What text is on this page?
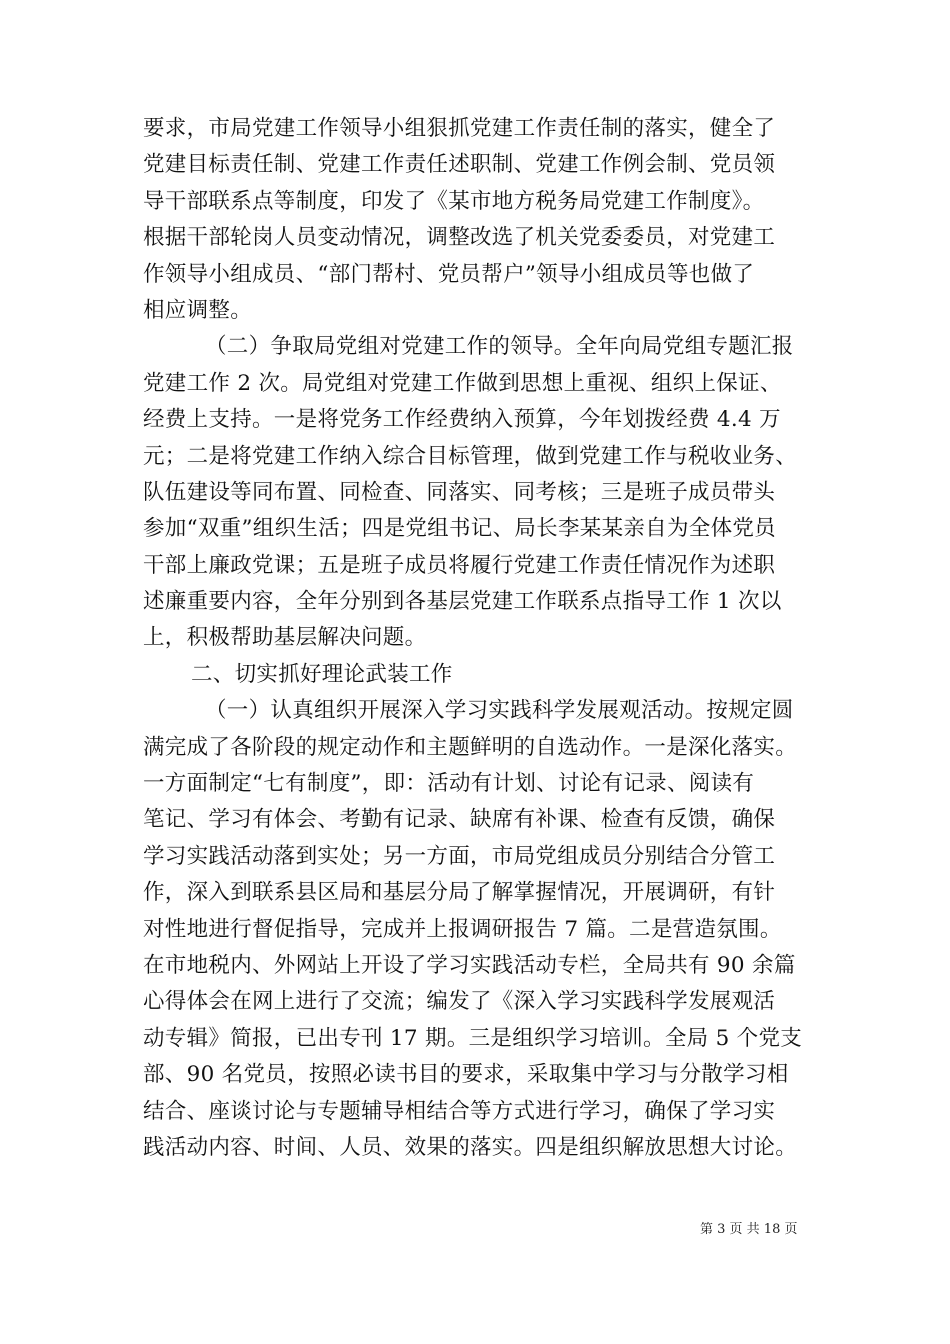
要求，市局党建工作领导小组狠抓党建工作责任制的落实，健全了
党建目标责任制、党建工作责任述职制、党建工作例会制、党员领
导干部联系点等制度，印发了《某市地方税务局党建工作制度》。
根据干部轮岗人员变动情况，调整改选了机关党委委员，对党建工
作领导小组成员、“部门帮村、党员帮户”领导小组成员等也做了
相应调整。
（二）争取局党组对党建工作的领导。全年向局党组专题汇报
党建工作 2 次。局党组对党建工作做到思想上重视、组织上保证、
经费上支持。一是将党务工作经费纳入预算，今年划拨经费 4.4 万
元；二是将党建工作纳入综合目标管理，做到党建工作与税收业务、
队伍建设等同布置、同检查、同落实、同考核；三是班子成员带头
参加“双重”组织生活；四是党组书记、局长李某某亲自为全体党员
干部上廉政党课；五是班子成员将履行党建工作责任情况作为述职
述廉重要内容，全年分别到各基层党建工作联系点指导工作 1 次以
上，积极帮助基层解决问题。
二、切实抓好理论武装工作
（一）认真组织开展深入学习实践科学发展观活动。按规定圆
满完成了各阶段的规定动作和主题鲜明的自选动作。一是深化落实。
一方面制定“七有制度”，即：活动有计划、讨论有记录、阅读有
笔记、学习有体会、考勤有记录、缺席有补课、检查有反馈，确保
学习实践活动落到实处；另一方面，市局党组成员分别结合分管工
作，深入到联系县区局和基层分局了解掌握情况，开展调研，有针
对性地进行督促指导，完成并上报调研报告 7 篇。二是营造氛围。
在市地税内、外网站上开设了学习实践活动专栏，全局共有 90 余篇
心得体会在网上进行了交流；编发了《深入学习实践科学发展观活
动专辑》简报，已出专刊 17 期。三是组织学习培训。全局 5 个党支
部、90 名党员，按照必读书目的要求，采取集中学习与分散学习相
结合、座谈讨论与专题辅导相结合等方式进行学习，确保了学习实
践活动内容、时间、人员、效果的落实。四是组织解放思想大讨论。
第 3 页 共 18 页
